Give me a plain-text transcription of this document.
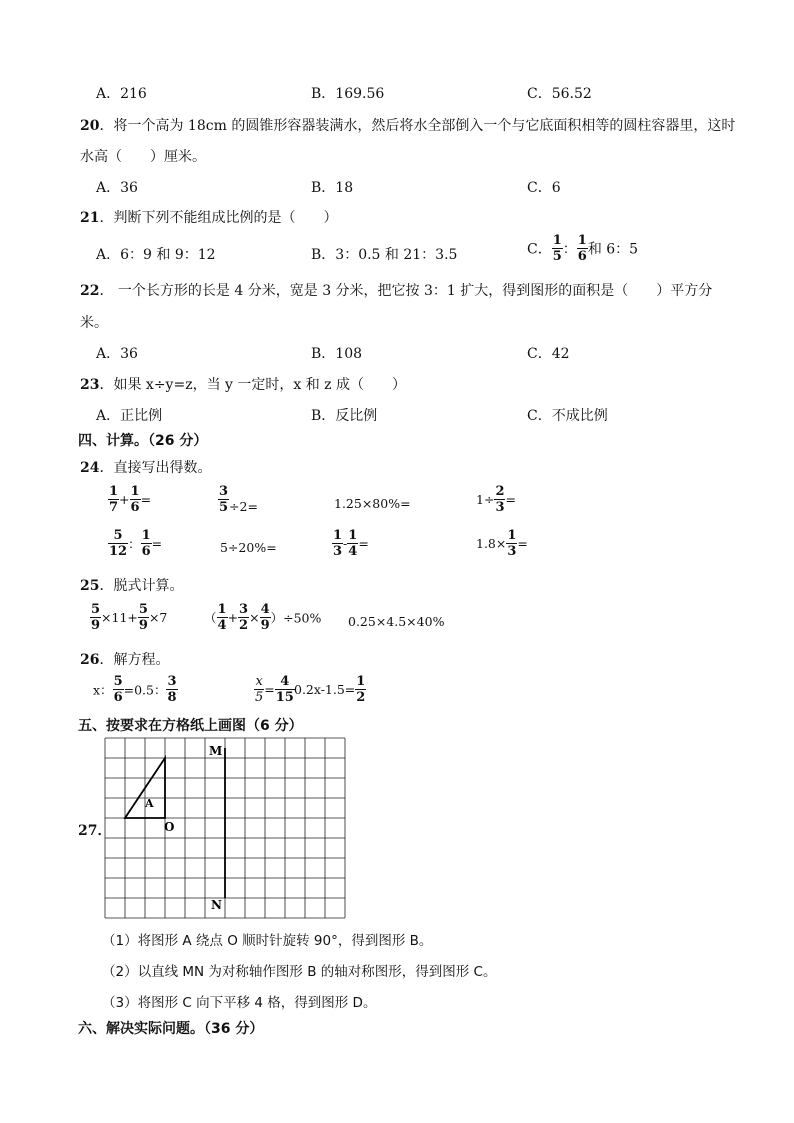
A．216	B．169.56	C．56.52
20．将一个高为 18cm 的圆锥形容器装满水，然后将水全部倒入一个与它底面积相等的圆柱容器里，这时
水高（　　）厘米。
A．36	B．18	C．6
21．判断下列不能组成比例的是（　　）
A．6：9 和 9：12	B．3：0.5 和 21：3.5	C． $\frac{1}{5}$ ： $\frac{1}{6}$ 和 6：5
22． 一个长方形的长是 4 分米，宽是 3 分米，把它按 3：1 扩大，得到图形的面积是（　　）平方分
米。
A．36	B．108	C．42
23．如果 x÷y=z，当 y 一定时，x 和 z 成（　　）
A．正比例	B．反比例	C．不成比例
四、计算。（26 分）
24．直接写出得数。
$\frac{1}{7} + \frac{1}{6}$ =	$\frac{3}{5} \div 2=$	1.25×80%=	$1\div \frac{2}{3}$ =
$\frac{5}{12}$ ： $\frac{1}{6}$ =	5÷20%=	$\frac{1}{3} - \frac{1}{4}$ =	$1.8\times \frac{1}{3}$ =
25．脱式计算。
$\frac{5}{9} \times 11+ \frac{5}{9} \times 7$	（ $\frac{1}{4} + \frac{3}{2} \times \frac{4}{9} )\div 50\%$ 0.25×4.5×40%
26．解方程。
x： $\frac{5}{6} =0.5$： $\frac{3}{8}$	$\frac{x}{5} = \frac{4}{15} 0.2x-1.5= \frac{1}{2}$
五、按要求在方格纸上画图（6 分）
27．
A
O
M
N
（1）将图形 A 绕点 O 顺时针旋转 90°，得到图形 B。
（2）以直线 MN 为对称轴作图形 B 的轴对称图形，得到图形 C。
（3）将图形 C 向下平移 4 格，得到图形 D。
六、解决实际问题。（36 分）
